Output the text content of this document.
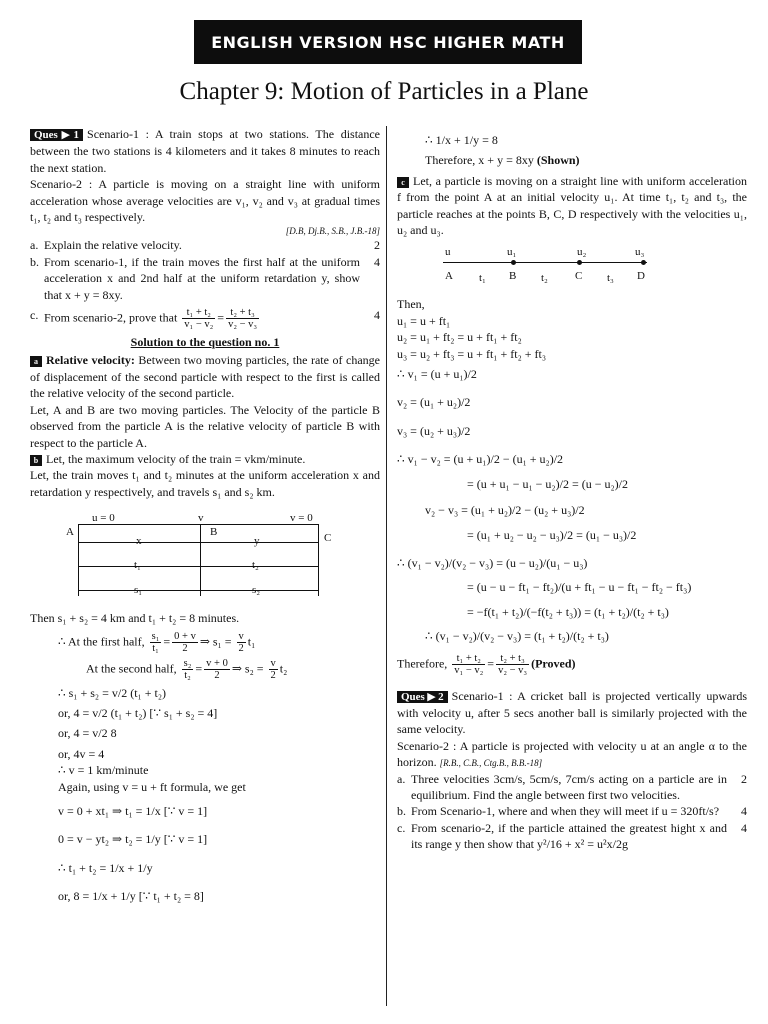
ENGLISH VERSION HSC HIGHER MATH
Chapter 9: Motion of Particles in a Plane

Ques▶1 Scenario-1 : A train stops at two stations. The distance between the two stations is 4 kilometers and it takes 8 minutes to reach the next station.

Scenario-2 : A particle is moving on a straight line with uniform acceleration whose average velocities are v₁, v₂ and v₃ at gradual times t₁, t₂ and t₃ respectively.

[D.B, Dj.B., S.B., J.B.-18]

a. Explain the relative velocity.	2
b. From scenario-1, if the train moves the first half at the uniform acceleration x and 2nd half at the uniform retardation y, show that x + y = 8xy.
4
c. From scenario-2, prove that $\frac{\text{t₁ + t₂}}{\text{v₁ − v₂}} = \frac{\text{t₂ + t₃}}{\text{v₂ − v₃}}$	4

Solution to the question no. 1

a Relative velocity: Between two moving particles, the rate of change of displacement of the second particle with respect to the first is called the relative velocity of the second particle.

Let, A and B are two moving particles. The Velocity of the particle B observed from the particle A is the relative velocity of particle B with respect to the particle A.

b Let, the maximum velocity of the train = vkm/minute.

Let, the train moves t₁ and t₂ minutes at the uniform acceleration x and retardation y respectively, and travels s₁ and s₂ km.

u = 0	v	v = 0
A	B	C
x	y
t₁	t₂
s₁	s₂

Then s₁ + s₂ = 4 km and t₁ + t₂ = 8 minutes.

∴ At the first half, $\frac{\text{s₁}}{\text{t₁}} = \frac{0 + v}{2}$ ⇒ $s_1 = \frac{v}{2} t_1$

At the second half, $\frac{\text{s₂}}{\text{t₂}} = \frac{v + 0}{2}$ ⇒ $s_2 = \frac{v}{2} t_2$

∴ s₁ + s₂ = v/2 (t₁ + t₂)

or, 4 = v/2 (t₁ + t₂) [∵ s₁ + s₂ = 4]

or, 4 = v/2 8

or, 4v = 4

∴ v = 1 km/minute

Again, using v = u + ft formula, we get

v = 0 + xt₁ ⇒ t₁ = 1/x [∵ v = 1]

0 = v − yt₂ ⇒ t₂ = 1/y [∵ v = 1]

∴ t₁ + t₂ = 1/x + 1/y

or, 8 = 1/x + 1/y [∵ t₁ + t₂ = 8]

∴ 1/x + 1/y = 8

Therefore, x + y = 8xy (Shown)

c Let, a particle is moving on a straight line with uniform acceleration f from the point A at an initial velocity u₁. At time t₁, t₂ and t₃, the particle reaches at the points B, C, D respectively with the velocities u₁, u₂ and u₃.

u	u₁	u₂	u₃
A t₁ B t₂ C t₃ D

Then,

u₁ = u + ft₁

u₂ = u₁ + ft₂ = u + ft₁ + ft₂

u₃ = u₂ + ft₃ = u + ft₁ + ft₂ + ft₃

∴ v₁ = (u + u₁)/2

v₂ = (u₁ + u₂)/2

v₃ = (u₂ + u₃)/2

∴ v₁ − v₂ = (u + u₁)/2 − (u₁ + u₂)/2

= (u + u₁ − u₁ − u₂)/2 = (u − u₂)/2

v₂ − v₃ = (u₁ + u₂)/2 − (u₂ + u₃)/2

= (u₁ + u₂ − u₂ − u₃)/2 = (u₁ − u₃)/2

∴ (v₁ − v₂)/(v₂ − v₃) = (u − u₂)/(u₁ − u₃)

= (u − u − ft₁ − ft₂)/(u + ft₁ − u − ft₁ − ft₂ − ft₃)

= −f(t₁ + t₂)/(−f(t₂ + t₃)) = (t₁ + t₂)/(t₂ + t₃)

∴ (v₁ − v₂)/(v₂ − v₃) = (t₁ + t₂)/(t₂ + t₃)

Therefore, $\frac{\text{t₁ + t₂}}{\text{v₁ − v₂}} = \frac{\text{t₂ + t₃}}{\text{v₂ − v₃}}$ (Proved)

Ques▶2 Scenario-1 : A cricket ball is projected vertically upwards with velocity u, after 5 secs another ball is similarly projected with the same velocity.

Scenario-2 : A particle is projected with velocity u at an angle α to the horizon. [R.B., C.B., Ctg.B., B.B.-18]

a. Three velocities 3cm/s, 5cm/s, 7cm/s acting on a particle are in equilibrium. Find the angle between first two velocities.
2
b. From Scenario-1, where and when they will meet if u = 320ft/s?	4
c. From scenario-2, if the particle attained the greatest hight x and its range y then show that y²/16 + x² = u²x/2g
4
